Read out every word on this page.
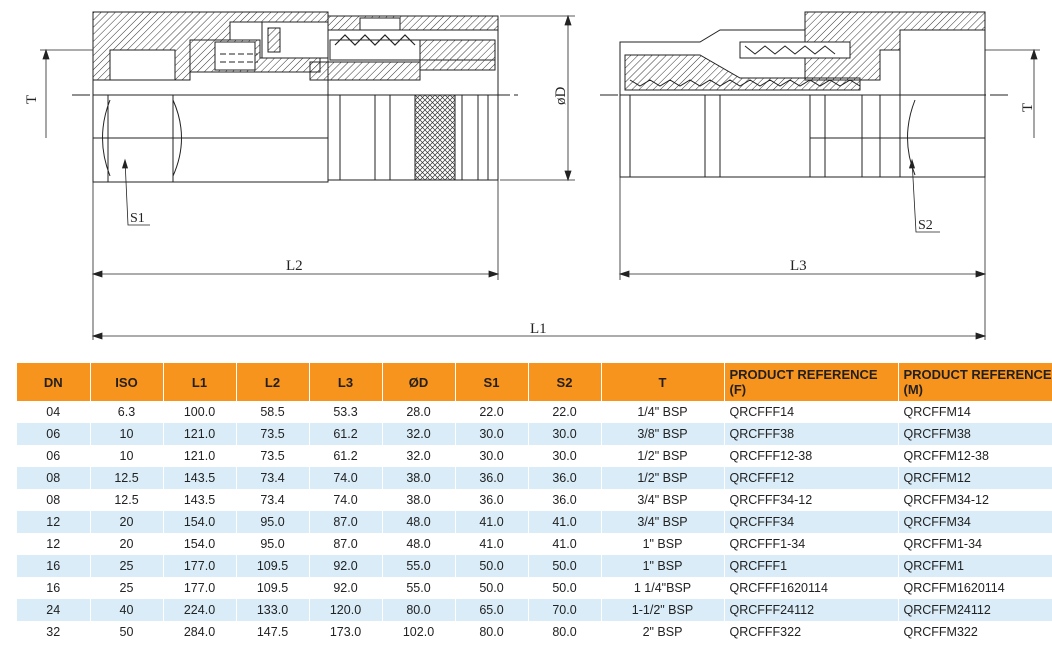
L2	L3
L1
øD
T
T
S1	S2
DN	ISO	L1	L2	L3	ØD	S1	S2	T	PRODUCT REFERENCE (F)	PRODUCT REFERENCE (M)
04	6.3	100.0	58.5	53.3	28.0	22.0	22.0	1/4" BSP	QRCFFF14	QRCFFM14
06	10	121.0	73.5	61.2	32.0	30.0	30.0	3/8" BSP	QRCFFF38	QRCFFM38
06	10	121.0	73.5	61.2	32.0	30.0	30.0	1/2" BSP	QRCFFF12-38	QRCFFM12-38
08	12.5	143.5	73.4	74.0	38.0	36.0	36.0	1/2" BSP	QRCFFF12	QRCFFM12
08	12.5	143.5	73.4	74.0	38.0	36.0	36.0	3/4" BSP	QRCFFF34-12	QRCFFM34-12
12	20	154.0	95.0	87.0	48.0	41.0	41.0	3/4" BSP	QRCFFF34	QRCFFM34
12	20	154.0	95.0	87.0	48.0	41.0	41.0	1" BSP	QRCFFF1-34	QRCFFM1-34
16	25	177.0	109.5	92.0	55.0	50.0	50.0	1" BSP	QRCFFF1	QRCFFM1
16	25	177.0	109.5	92.0	55.0	50.0	50.0	1 1/4"BSP	QRCFFF1620114	QRCFFM1620114
24	40	224.0	133.0	120.0	80.0	65.0	70.0	1-1/2" BSP	QRCFFF24112	QRCFFM24112
32	50	284.0	147.5	173.0	102.0	80.0	80.0	2" BSP	QRCFFF322	QRCFFM322
